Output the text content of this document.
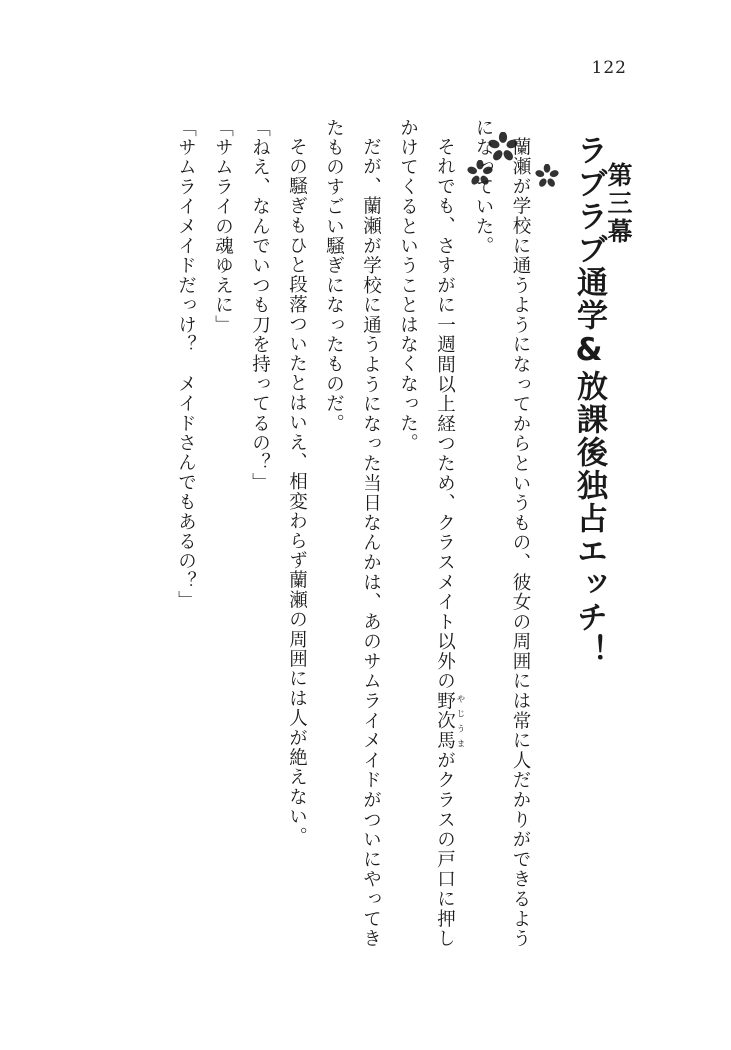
122
第三幕
ラブラブ通学&放課後独占エッチ！

蘭瀬が学校に通うようになってからというもの、彼女の周囲には常に人だかりができるようになっていた。

それでも、さすがに一週間以上経つため、クラスメイト以外の野次馬 やじうまがクラスの戸口に押しかけてくるということはなくなった。

だが、蘭瀬が学校に通うようになった当日なんかは、あのサムライメイドがついにやってきたものすごい騒ぎになったものだ。

その騒ぎもひと段落ついたとはいえ、相変わらず蘭瀬の周囲には人が絶えない。

「ねえ、なんでいつも刀を持ってるの？」

「サムライの魂ゆえに」

「サムライメイドだっけ？　メイドさんでもあるの？」
